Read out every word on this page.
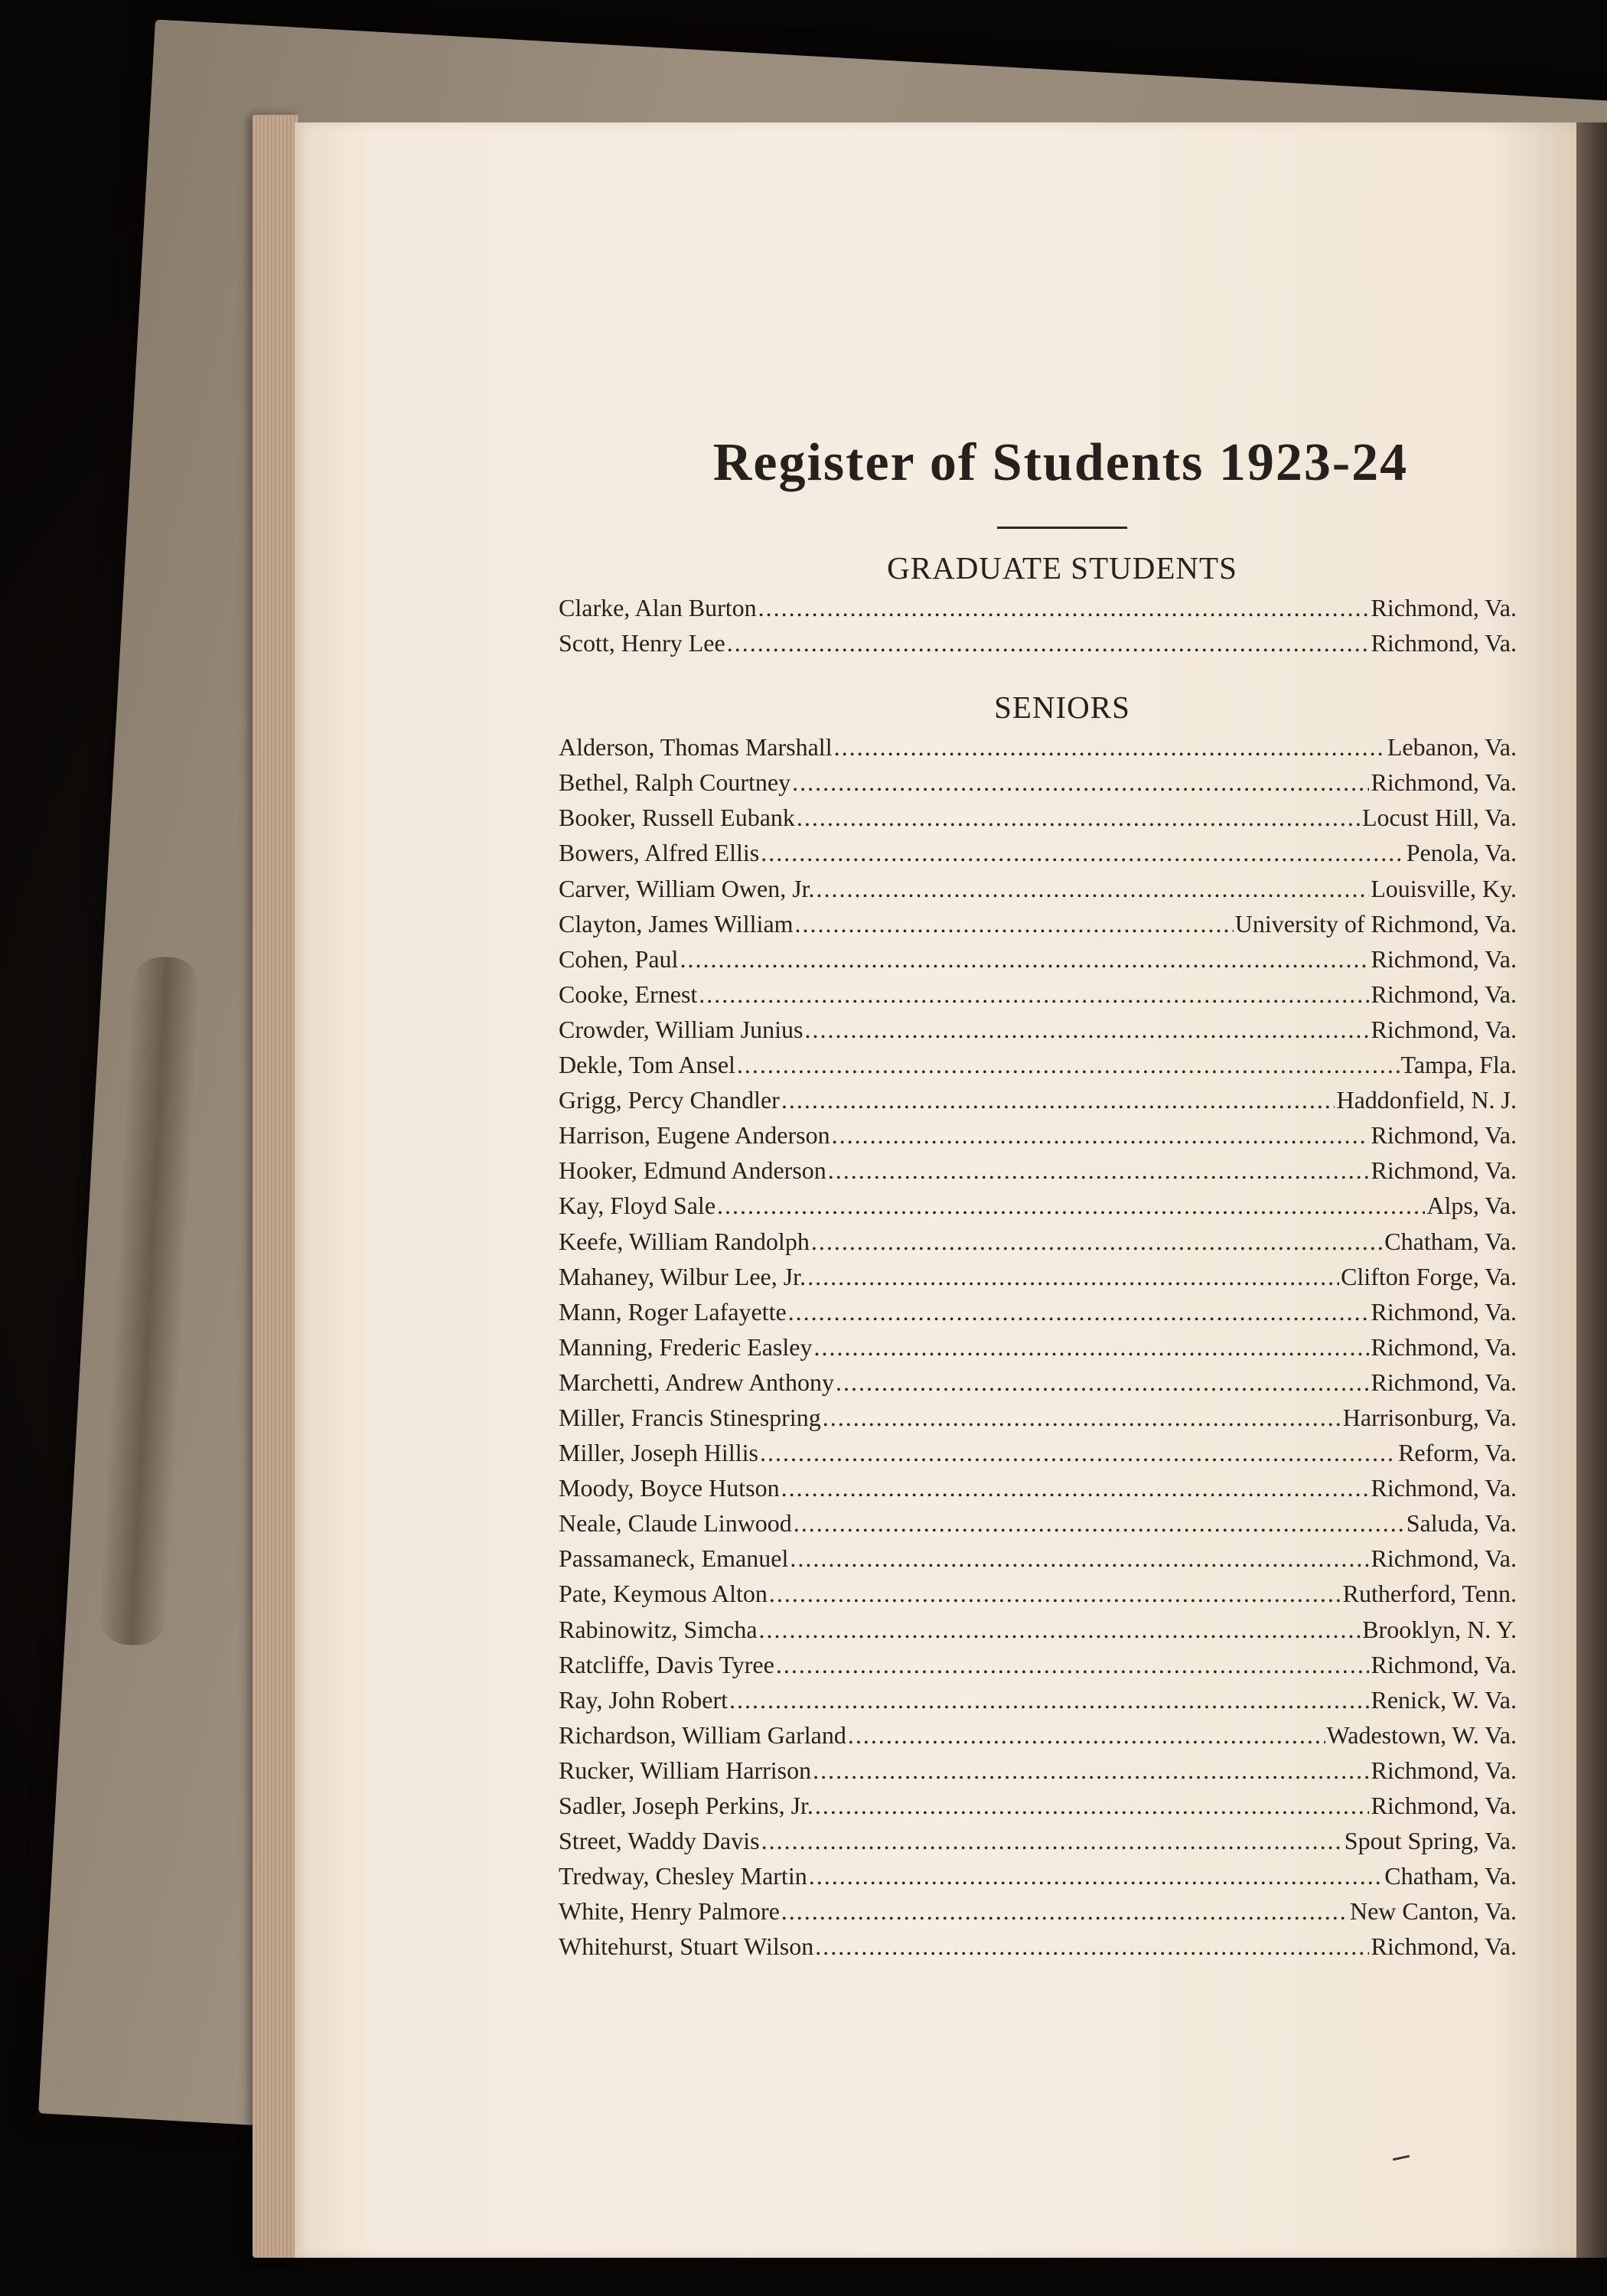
Register of Students 1923-24
GRADUATE STUDENTS
Clarke, Alan Burton . . .	Richmond, Va.
Scott, Henry Lee . . .	Richmond, Va.
SENIORS
Alderson, Thomas Marshall . . .	Lebanon, Va.
Bethel, Ralph Courtney . . .	Richmond, Va.
Booker, Russell Eubank . . .	Locust Hill, Va.
Bowers, Alfred Ellis . . .	Penola, Va.
Carver, William Owen, Jr. . . .	Louisville, Ky.
Clayton, James William . . .	University of Richmond, Va.
Cohen, Paul . . .	Richmond, Va.
Cooke, Ernest . . .	Richmond, Va.
Crowder, William Junius . . .	Richmond, Va.
Dekle, Tom Ansel . . .	Tampa, Fla.
Grigg, Percy Chandler . . .	Haddonfield, N. J.
Harrison, Eugene Anderson . . .	Richmond, Va.
Hooker, Edmund Anderson . . .	Richmond, Va.
Kay, Floyd Sale . . .	Alps, Va.
Keefe, William Randolph . . .	Chatham, Va.
Mahaney, Wilbur Lee, Jr. . . .	Clifton Forge, Va.
Mann, Roger Lafayette . . .	Richmond, Va.
Manning, Frederic Easley . . .	Richmond, Va.
Marchetti, Andrew Anthony . . .	Richmond, Va.
Miller, Francis Stinespring . . .	Harrisonburg, Va.
Miller, Joseph Hillis . . .	Reform, Va.
Moody, Boyce Hutson . . .	Richmond, Va.
Neale, Claude Linwood . . .	Saluda, Va.
Passamaneck, Emanuel . . .	Richmond, Va.
Pate, Keymous Alton . . .	Rutherford, Tenn.
Rabinowitz, Simcha . . .	Brooklyn, N. Y.
Ratcliffe, Davis Tyree . . .	Richmond, Va.
Ray, John Robert . . .	Renick, W. Va.
Richardson, William Garland . . .	Wadestown, W. Va.
Rucker, William Harrison . . .	Richmond, Va.
Sadler, Joseph Perkins, Jr. . . .	Richmond, Va.
Street, Waddy Davis . . .	Spout Spring, Va.
Tredway, Chesley Martin . . .	Chatham, Va.
White, Henry Palmore . . .	New Canton, Va.
Whitehurst, Stuart Wilson . . .	Richmond, Va.
